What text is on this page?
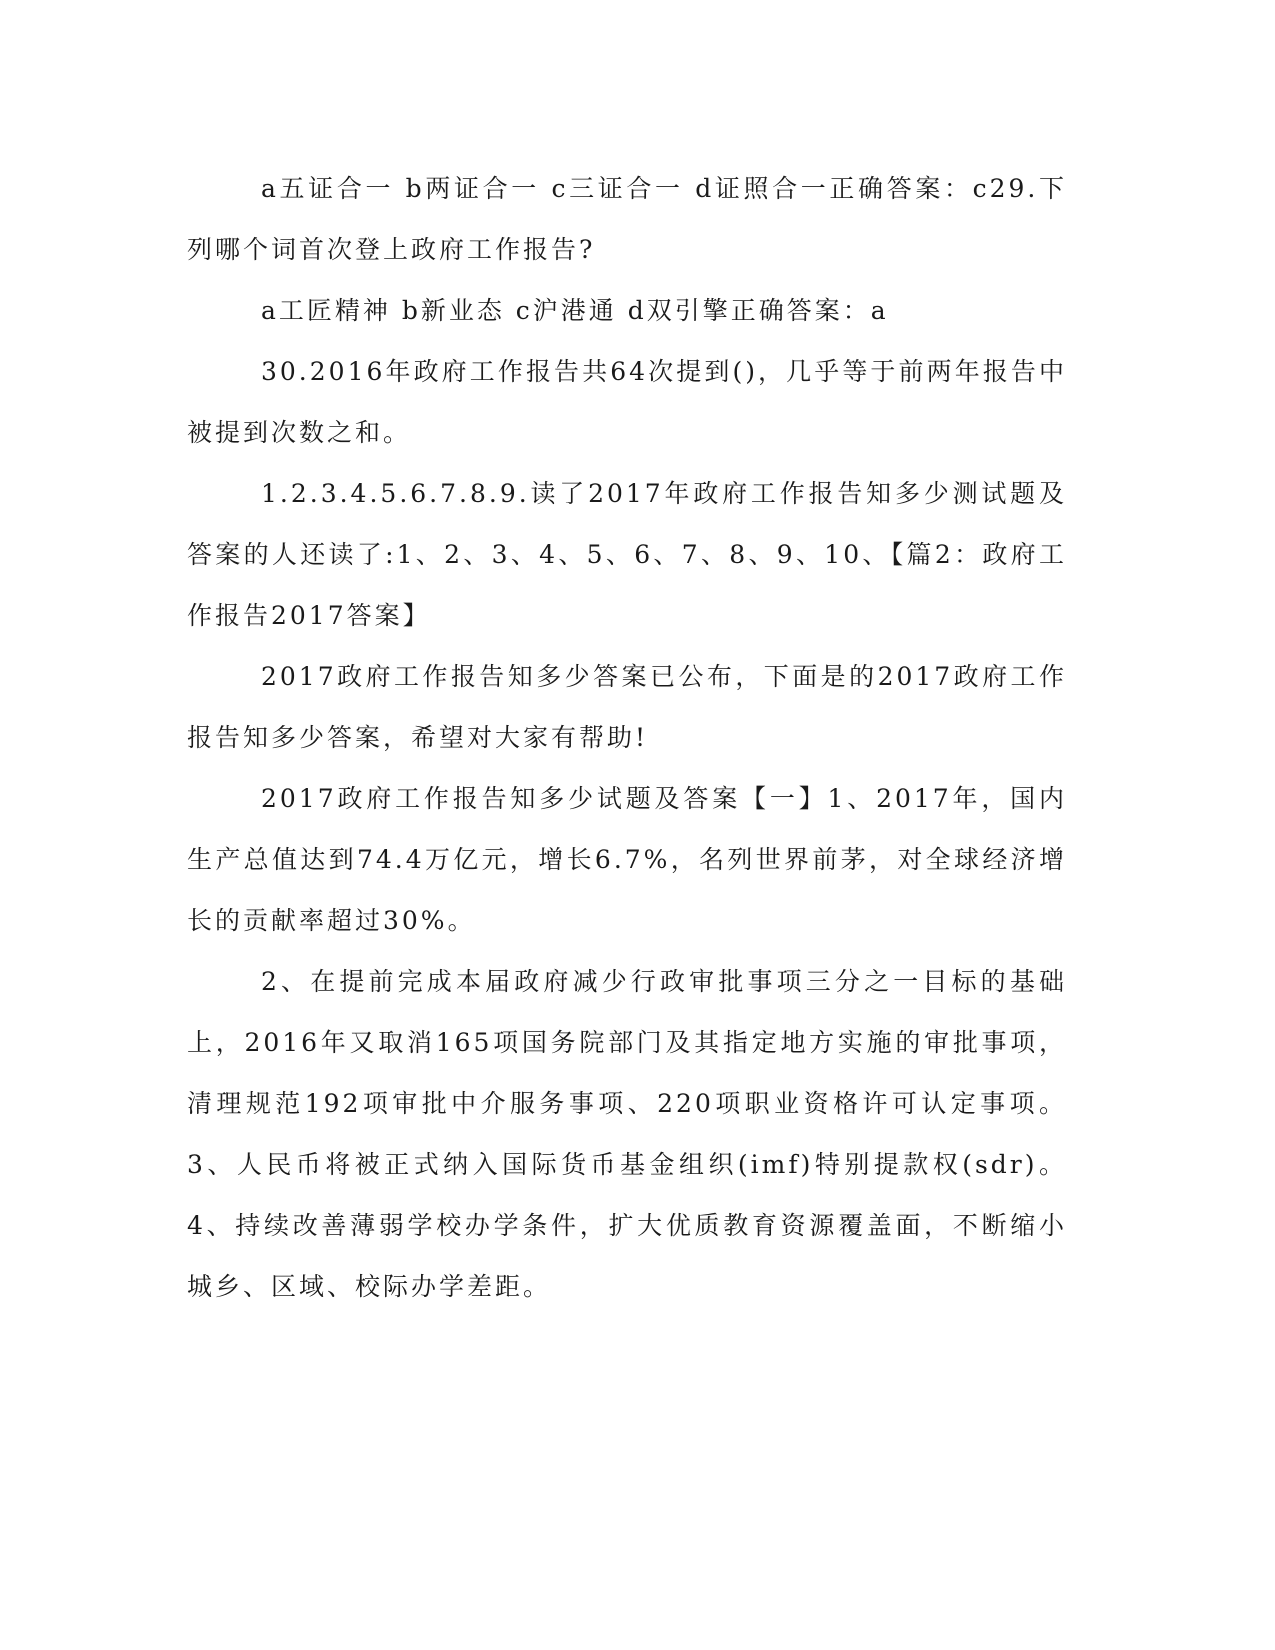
a五证合一 b两证合一 c三证合一 d证照合一正确答案：c29.下列哪个词首次登上政府工作报告?

a工匠精神 b新业态 c沪港通 d双引擎正确答案：a

30.2016年政府工作报告共64次提到()，几乎等于前两年报告中被提到次数之和。

1.2.3.4.5.6.7.8.9.读了2017年政府工作报告知多少测试题及答案的人还读了:1、2、3、4、5、6、7、8、9、10、【篇2：政府工作报告2017答案】

2017政府工作报告知多少答案已公布，下面是的2017政府工作报告知多少答案，希望对大家有帮助!

2017政府工作报告知多少试题及答案【一】1、2017年，国内生产总值达到74.4万亿元，增长6.7%，名列世界前茅，对全球经济增长的贡献率超过30%。

2、在提前完成本届政府减少行政审批事项三分之一目标的基础上，2016年又取消165项国务院部门及其指定地方实施的审批事项，清理规范192项审批中介服务事项、220项职业资格许可认定事项。3、人民币将被正式纳入国际货币基金组织(imf)特别提款权(sdr)。4、持续改善薄弱学校办学条件，扩大优质教育资源覆盖面，不断缩小城乡、区域、校际办学差距。
